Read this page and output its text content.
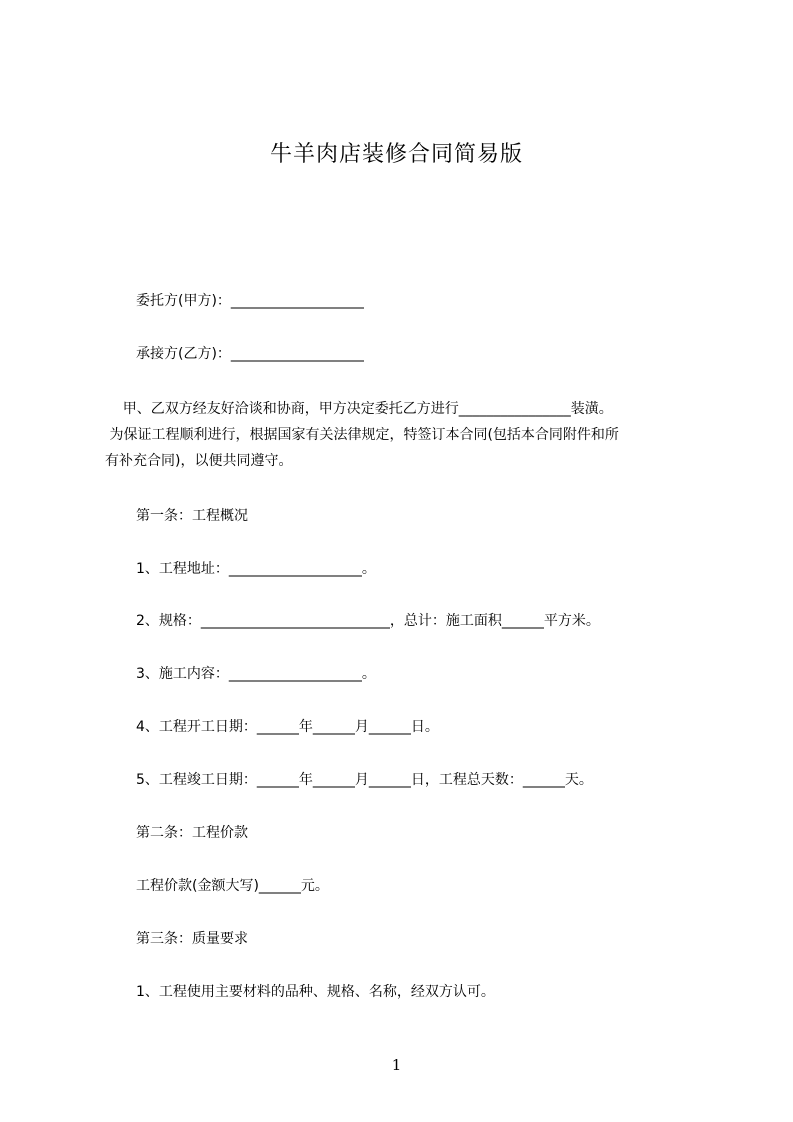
牛羊肉店装修合同简易版
委托方(甲方)：___________________
承接方(乙方)：___________________
甲、乙双方经友好洽谈和协商，甲方决定委托乙方进行________________装潢。
为保证工程顺利进行，根据国家有关法律规定，特签订本合同(包括本合同附件和所
有补充合同)，以便共同遵守。
第一条：工程概况
1、工程地址：___________________。
2、规格：___________________________，总计：施工面积______平方米。
3、施工内容：___________________。
4、工程开工日期：______年______月______日。
5、工程竣工日期：______年______月______日，工程总天数：______天。
第二条：工程价款
工程价款(金额大写)______元。
第三条：质量要求
1、工程使用主要材料的品种、规格、名称，经双方认可。
1
